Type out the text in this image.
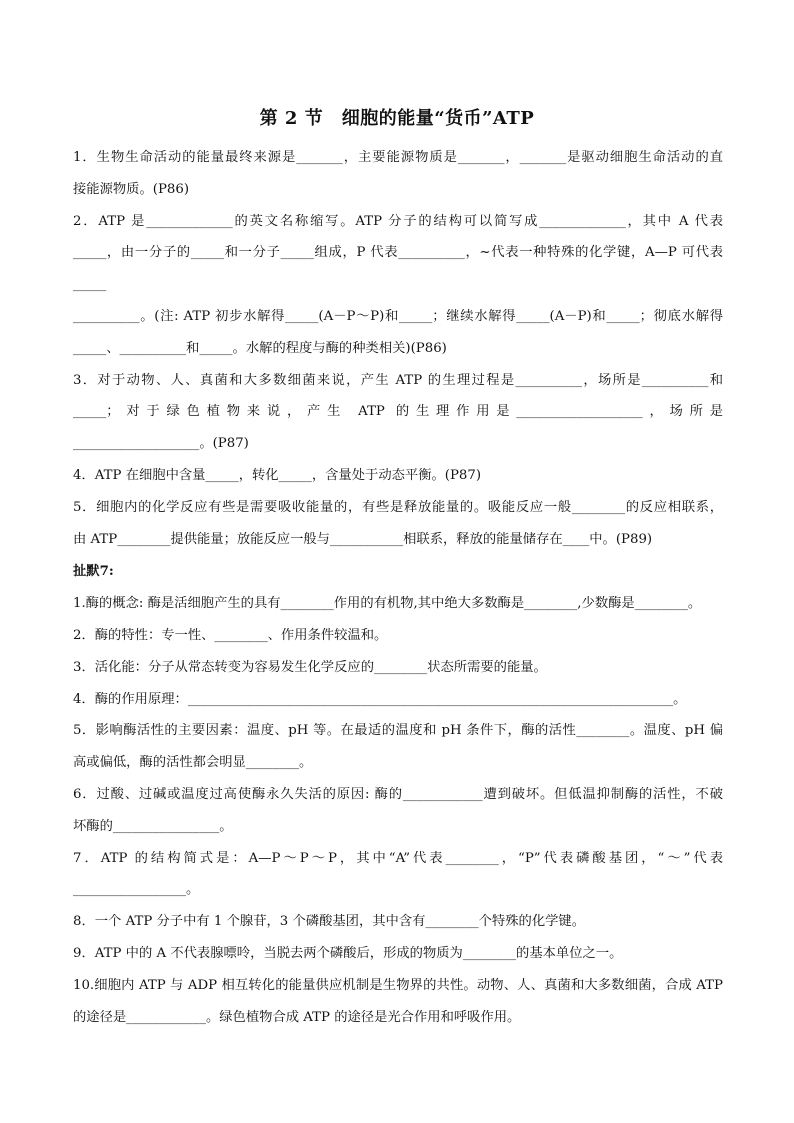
第 2 节　细胞的能量“货币”ATP
1．生物生命活动的能量最终来源是_______，主要能源物质是_______，_______是驱动细胞生命活动的直
接能源物质。(P86)
2．ATP 是_____________的英文名称缩写。ATP 分子的结构可以简写成_____________，其中 A 代表
_____，由一分子的_____和一分子_____组成，P 代表__________，~代表一种特殊的化学键，A—P 可代表
_____
__________。(注: ATP 初步水解得_____(A－P～P)和_____；继续水解得_____(A－P)和_____；彻底水解得
_____、__________和_____。水解的程度与酶的种类相关)(P86)
3．对于动物、人、真菌和大多数细菌来说，产生 ATP 的生理过程是__________，场所是__________和
_____；对于绿色植物来说，产生 ATP 的生理作用是___________________，场所是
___________________。(P87)
4．ATP 在细胞中含量_____，转化_____，含量处于动态平衡。(P87)
5．细胞内的化学反应有些是需要吸收能量的，有些是释放能量的。吸能反应一般________的反应相联系，
由 ATP________提供能量；放能反应一般与___________相联系，释放的能量储存在____中。(P89)
扯默7:
1.酶的概念: 酶是活细胞产生的具有________作用的有机物,其中绝大多数酶是________,少数酶是________。
2．酶的特性：专一性、________、作用条件较温和。
3．活化能：分子从常态转变为容易发生化学反应的________状态所需要的能量。
4．酶的作用原理：_________________________________________________________________________。
5．影响酶活性的主要因素：温度、pH 等。在最适的温度和 pH 条件下，酶的活性________。温度、pH 偏
高或偏低，酶的活性都会明显________。
6．过酸、过碱或温度过高使酶永久失活的原因: 酶的____________遭到破坏。但低温抑制酶的活性，不破
坏酶的________________。
7．ATP 的结构简式是：A—P～P～P，其中“A”代表________，“P”代表磷酸基团，“～”代表
_________________。
8．一个 ATP 分子中有 1 个腺苷，3 个磷酸基团，其中含有________个特殊的化学键。
9．ATP 中的 A 不代表腺嘌呤，当脱去两个磷酸后，形成的物质为________的基本单位之一。
10.细胞内 ATP 与 ADP 相互转化的能量供应机制是生物界的共性。动物、人、真菌和大多数细菌，合成 ATP
的途径是____________。绿色植物合成 ATP 的途径是光合作用和呼吸作用。
